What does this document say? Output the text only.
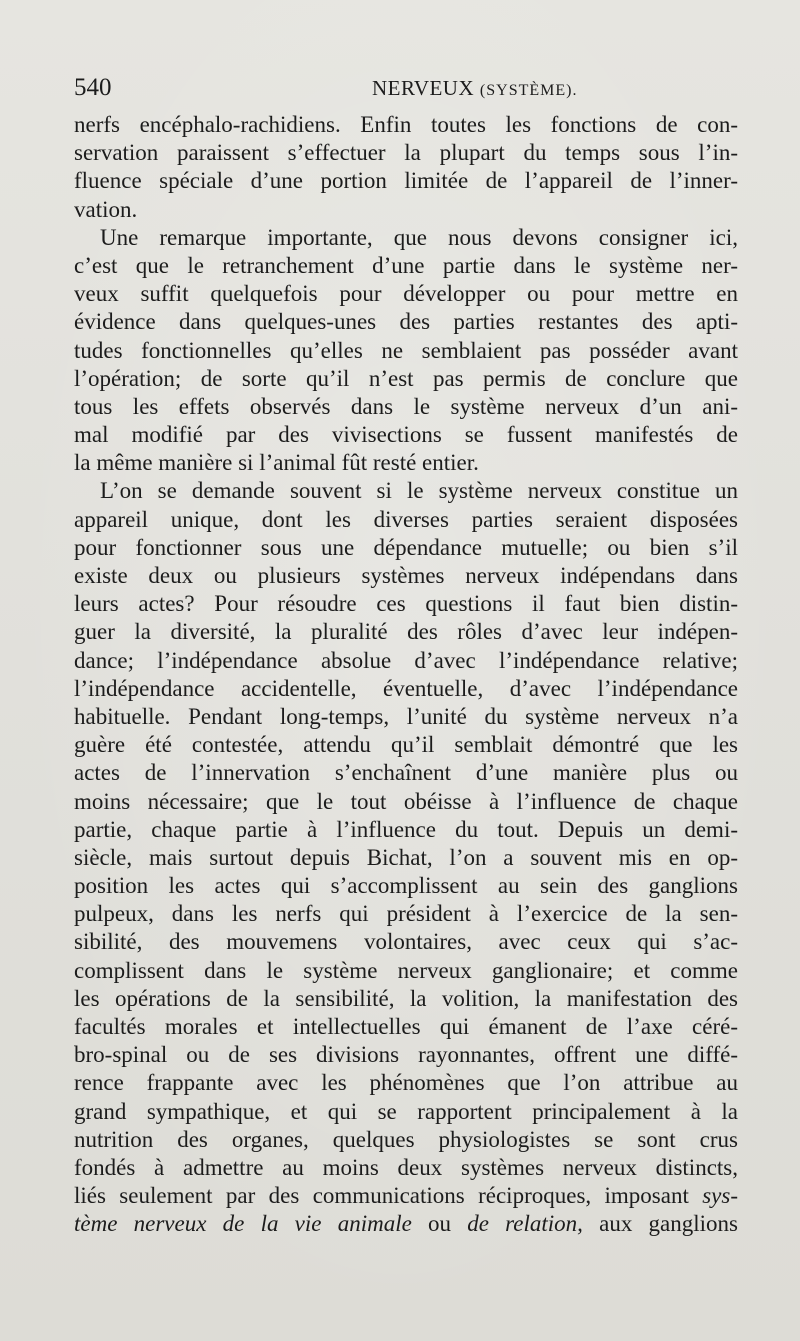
540	NERVEUX (SYSTÈME).
nerfs encéphalo-rachidiens. Enfin toutes les fonctions de con-
servation paraissent s’effectuer la plupart du temps sous l’in-
fluence spéciale d’une portion limitée de l’appareil de l’inner-
vation.
Une remarque importante, que nous devons consigner ici,
c’est que le retranchement d’une partie dans le système ner-
veux suffit quelquefois pour développer ou pour mettre en
évidence dans quelques-unes des parties restantes des apti-
tudes fonctionnelles qu’elles ne semblaient pas posséder avant
l’opération; de sorte qu’il n’est pas permis de conclure que
tous les effets observés dans le système nerveux d’un ani-
mal modifié par des vivisections se fussent manifestés de
la même manière si l’animal fût resté entier.
L’on se demande souvent si le système nerveux constitue un
appareil unique, dont les diverses parties seraient disposées
pour fonctionner sous une dépendance mutuelle; ou bien s’il
existe deux ou plusieurs systèmes nerveux indépendans dans
leurs actes? Pour résoudre ces questions il faut bien distin-
guer la diversité, la pluralité des rôles d’avec leur indépen-
dance; l’indépendance absolue d’avec l’indépendance relative;
l’indépendance accidentelle, éventuelle, d’avec l’indépendance
habituelle. Pendant long-temps, l’unité du système nerveux n’a
guère été contestée, attendu qu’il semblait démontré que les
actes de l’innervation s’enchaînent d’une manière plus ou
moins nécessaire; que le tout obéisse à l’influence de chaque
partie, chaque partie à l’influence du tout. Depuis un demi-
siècle, mais surtout depuis Bichat, l’on a souvent mis en op-
position les actes qui s’accomplissent au sein des ganglions
pulpeux, dans les nerfs qui président à l’exercice de la sen-
sibilité, des mouvemens volontaires, avec ceux qui s’ac-
complissent dans le système nerveux ganglionaire; et comme
les opérations de la sensibilité, la volition, la manifestation des
facultés morales et intellectuelles qui émanent de l’axe céré-
bro-spinal ou de ses divisions rayonnantes, offrent une diffé-
rence frappante avec les phénomènes que l’on attribue au
grand sympathique, et qui se rapportent principalement à la
nutrition des organes, quelques physiologistes se sont crus
fondés à admettre au moins deux systèmes nerveux distincts,
liés seulement par des communications réciproques, imposant sys-
tème nerveux de la vie animale ou de relation, aux ganglions
